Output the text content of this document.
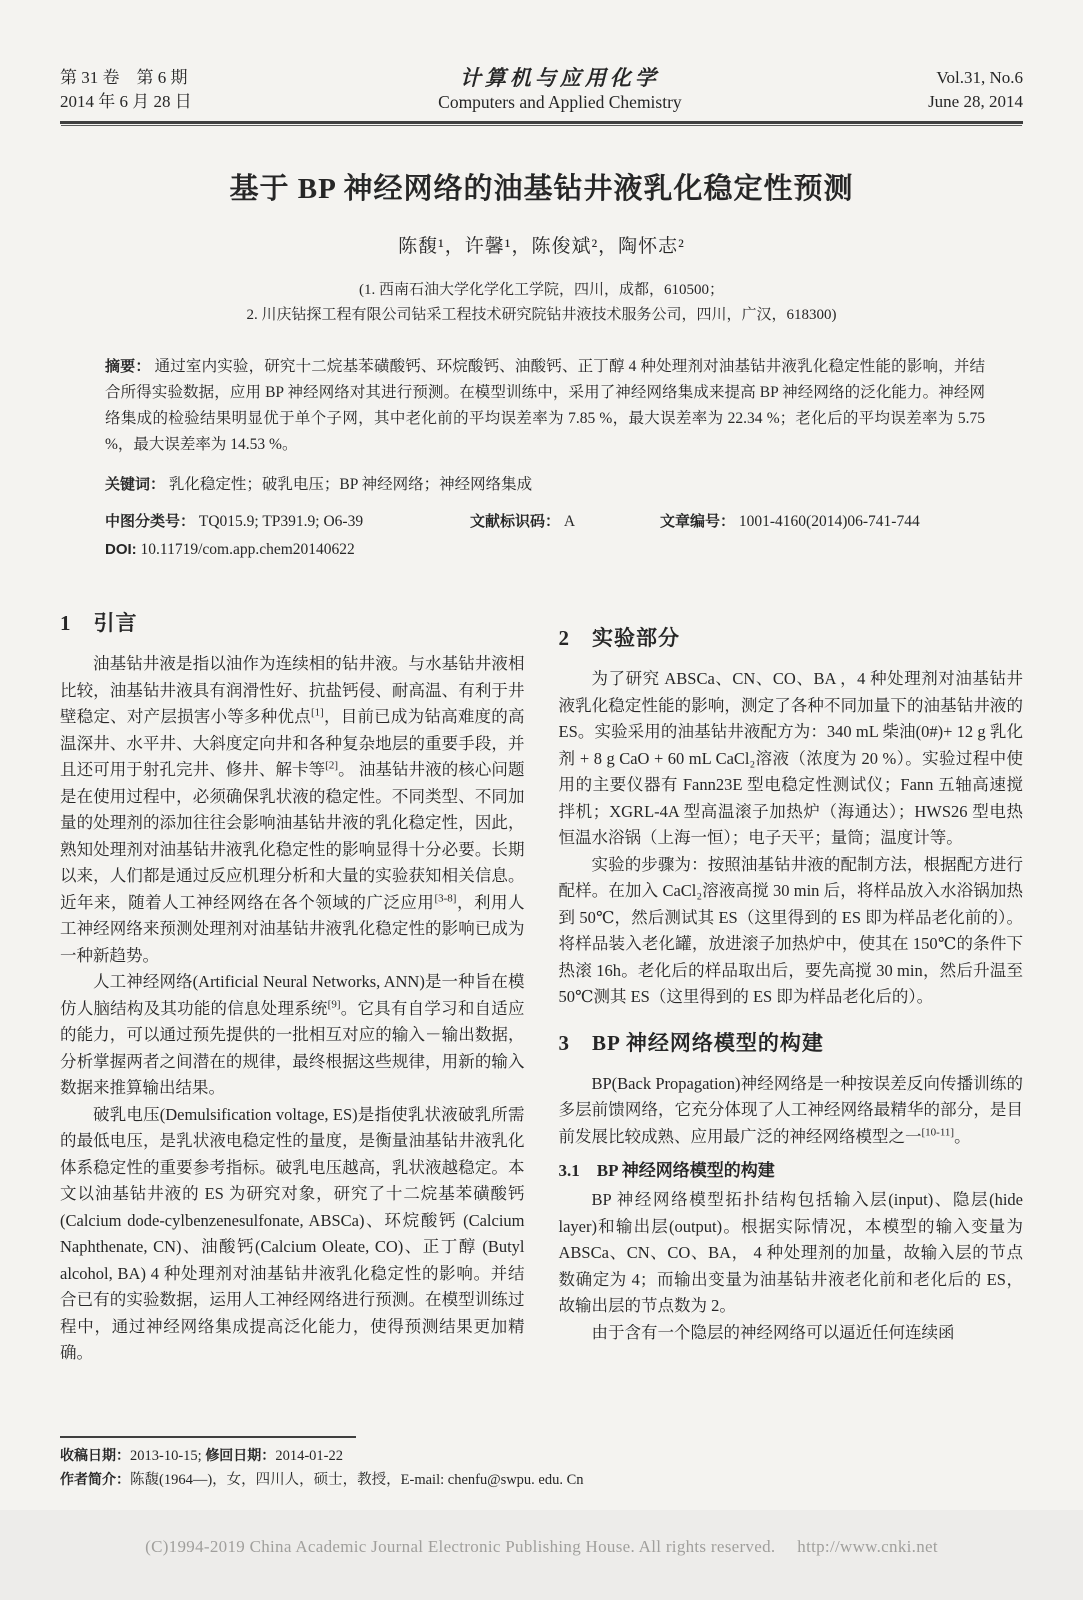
第 31 卷　第 6 期
2014 年 6 月 28 日
计算机与应用化学
Computers and Applied Chemistry
Vol.31, No.6
June 28, 2014
基于 BP 神经网络的油基钻井液乳化稳定性预测
陈馥¹，许馨¹，陈俊斌²，陶怀志²
(1. 西南石油大学化学化工学院，四川，成都，610500；
2. 川庆钻探工程有限公司钻采工程技术研究院钻井液技术服务公司，四川，广汉，618300)
摘要： 通过室内实验，研究十二烷基苯磺酸钙、环烷酸钙、油酸钙、正丁醇 4 种处理剂对油基钻井液乳化稳定性能的影响，并结合所得实验数据，应用 BP 神经网络对其进行预测。在模型训练中，采用了神经网络集成来提高 BP 神经网络的泛化能力。神经网络集成的检验结果明显优于单个子网，其中老化前的平均误差率为 7.85 %，最大误差率为 22.34 %；老化后的平均误差率为 5.75 %，最大误差率为 14.53 %。
关键词： 乳化稳定性；破乳电压；BP 神经网络；神经网络集成
中图分类号： TQ015.9; TP391.9; O6-39	文献标识码： A	文章编号： 1001-4160(2014)06-741-744
DOI: 10.11719/com.app.chem20140622
1　引言

油基钻井液是指以油作为连续相的钻井液。与水基钻井液相比较，油基钻井液具有润滑性好、抗盐钙侵、耐高温、有利于井壁稳定、对产层损害小等多种优点[1]，目前已成为钻高难度的高温深井、水平井、大斜度定向井和各种复杂地层的重要手段，并且还可用于射孔完井、修井、解卡等[2]。 油基钻井液的核心问题是在使用过程中，必须确保乳状液的稳定性。不同类型、不同加量的处理剂的添加往往会影响油基钻井液的乳化稳定性，因此，熟知处理剂对油基钻井液乳化稳定性的影响显得十分必要。长期以来，人们都是通过反应机理分析和大量的实验获知相关信息。近年来，随着人工神经网络在各个领域的广泛应用[3-8]，利用人工神经网络来预测处理剂对油基钻井液乳化稳定性的影响已成为一种新趋势。

人工神经网络(Artificial Neural Networks, ANN)是一种旨在模仿人脑结构及其功能的信息处理系统[9]。它具有自学习和自适应的能力，可以通过预先提供的一批相互对应的输入－输出数据，分析掌握两者之间潜在的规律，最终根据这些规律，用新的输入数据来推算输出结果。

破乳电压(Demulsification voltage, ES)是指使乳状液破乳所需的最低电压，是乳状液电稳定性的量度，是衡量油基钻井液乳化体系稳定性的重要参考指标。破乳电压越高，乳状液越稳定。本文以油基钻井液的 ES 为研究对象，研究了十二烷基苯磺酸钙 (Calcium dode-cylbenzenesulfonate, ABSCa)、环烷酸钙 (Calcium Naphthenate, CN)、油酸钙(Calcium Oleate, CO)、正丁醇 (Butyl alcohol, BA) 4 种处理剂对油基钻井液乳化稳定性的影响。并结合已有的实验数据，运用人工神经网络进行预测。在模型训练过程中，通过神经网络集成提高泛化能力，使得预测结果更加精确。

2　实验部分

为了研究 ABSCa、CN、CO、BA ，4 种处理剂对油基钻井液乳化稳定性能的影响，测定了各种不同加量下的油基钻井液的 ES。实验采用的油基钻井液配方为：340 mL 柴油(0#)+ 12 g 乳化剂 + 8 g CaO + 60 mL CaCl₂溶液（浓度为 20 %）。实验过程中使用的主要仪器有 Fann23E 型电稳定性测试仪；Fann 五轴高速搅拌机；XGRL-4A 型高温滚子加热炉（海通达）；HWS26 型电热恒温水浴锅（上海一恒）；电子天平；量筒；温度计等。

实验的步骤为：按照油基钻井液的配制方法，根据配方进行配样。在加入 CaCl₂溶液高搅 30 min 后，将样品放入水浴锅加热到 50℃，然后测试其 ES（这里得到的 ES 即为样品老化前的）。将样品装入老化罐，放进滚子加热炉中，使其在 150℃的条件下热滚 16h。老化后的样品取出后，要先高搅 30 min，然后升温至 50℃测其 ES（这里得到的 ES 即为样品老化后的）。

3　BP 神经网络模型的构建

BP(Back Propagation)神经网络是一种按误差反向传播训练的多层前馈网络，它充分体现了人工神经网络最精华的部分，是目前发展比较成熟、应用最广泛的神经网络模型之一[10-11]。

3.1　BP 神经网络模型的构建

BP 神经网络模型拓扑结构包括输入层(input)、隐层(hide layer)和输出层(output)。根据实际情况，本模型的输入变量为 ABSCa、CN、CO、BA， 4 种处理剂的加量，故输入层的节点数确定为 4；而输出变量为油基钻井液老化前和老化后的 ES，故输出层的节点数为 2。

由于含有一个隐层的神经网络可以逼近任何连续函

收稿日期：2013-10-15; 修回日期：2014-01-22
作者简介：陈馥(1964—)，女，四川人，硕士，教授，E-mail: chenfu@swpu. edu. Cn
(C)1994-2019 China Academic Journal Electronic Publishing House. All rights reserved.　 http://www.cnki.net
